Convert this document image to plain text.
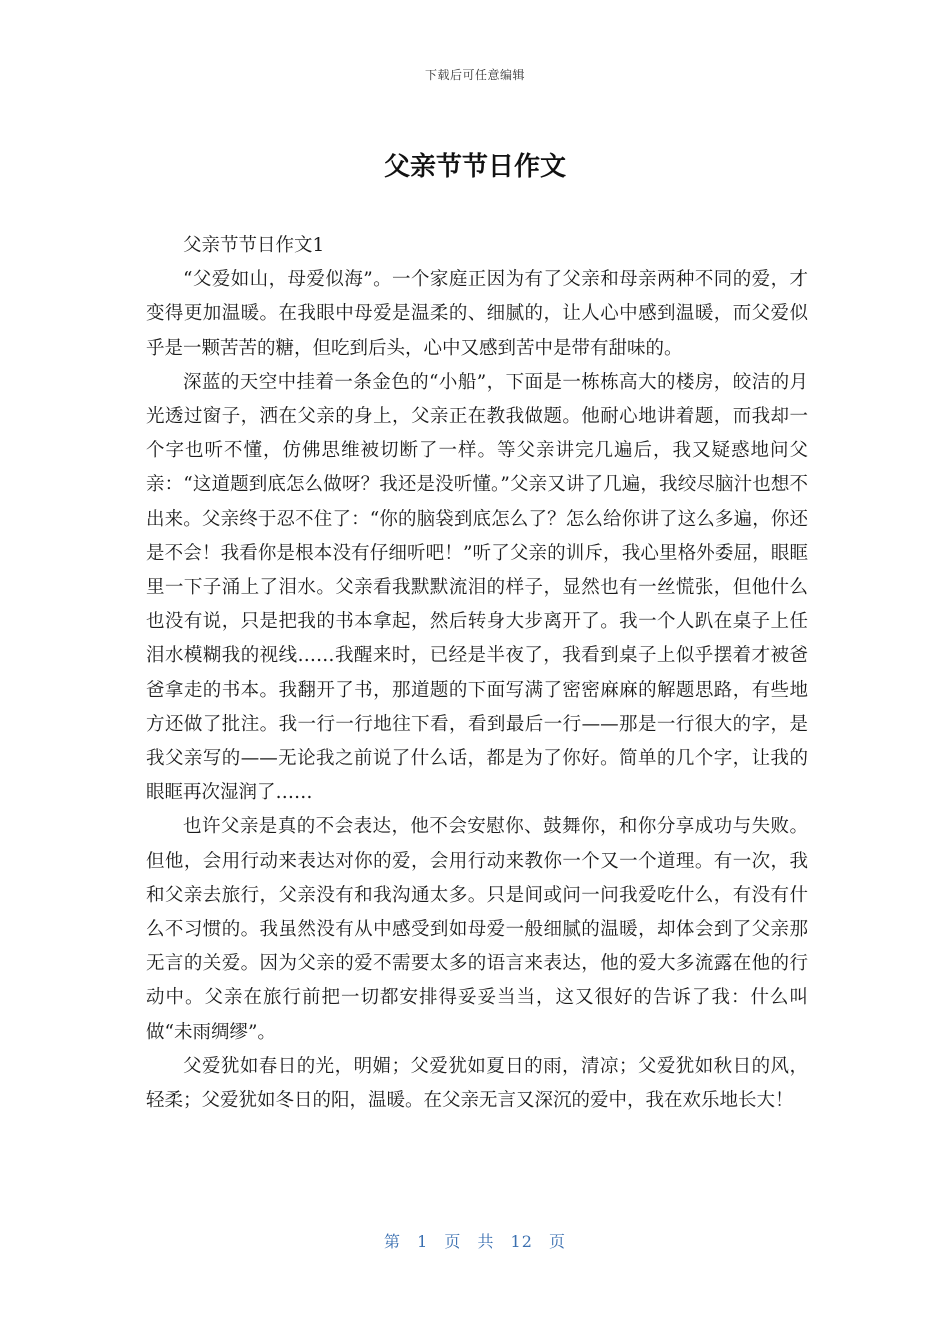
下载后可任意编辑
父亲节节日作文

父亲节节日作文1

“父爱如山，母爱似海”。一个家庭正因为有了父亲和母亲两种不同的爱，才变得更加温暖。在我眼中母爱是温柔的、细腻的，让人心中感到温暖，而父爱似乎是一颗苦苦的糖，但吃到后头，心中又感到苦中是带有甜味的。

深蓝的天空中挂着一条金色的“小船”，下面是一栋栋高大的楼房，皎洁的月光透过窗子，洒在父亲的身上，父亲正在教我做题。他耐心地讲着题，而我却一个字也听不懂，仿佛思维被切断了一样。等父亲讲完几遍后，我又疑惑地问父亲：“这道题到底怎么做呀？我还是没听懂。”父亲又讲了几遍，我绞尽脑汁也想不出来。父亲终于忍不住了：“你的脑袋到底怎么了？怎么给你讲了这么多遍，你还是不会！我看你是根本没有仔细听吧！”听了父亲的训斥，我心里格外委屈，眼眶里一下子涌上了泪水。父亲看我默默流泪的样子，显然也有一丝慌张，但他什么也没有说，只是把我的书本拿起，然后转身大步离开了。我一个人趴在桌子上任泪水模糊我的视线……我醒来时，已经是半夜了，我看到桌子上似乎摆着才被爸爸拿走的书本。我翻开了书，那道题的下面写满了密密麻麻的解题思路，有些地方还做了批注。我一行一行地往下看，看到最后一行——那是一行很大的字，是我父亲写的——无论我之前说了什么话，都是为了你好。简单的几个字，让我的眼眶再次湿润了……

也许父亲是真的不会表达，他不会安慰你、鼓舞你，和你分享成功与失败。但他，会用行动来表达对你的爱，会用行动来教你一个又一个道理。有一次，我和父亲去旅行，父亲没有和我沟通太多。只是间或问一问我爱吃什么，有没有什么不习惯的。我虽然没有从中感受到如母爱一般细腻的温暖，却体会到了父亲那无言的关爱。因为父亲的爱不需要太多的语言来表达，他的爱大多流露在他的行动中。父亲在旅行前把一切都安排得妥妥当当，这又很好的告诉了我：什么叫做“未雨绸缪”。

父爱犹如春日的光，明媚；父爱犹如夏日的雨，清凉；父爱犹如秋日的风，轻柔；父爱犹如冬日的阳，温暖。在父亲无言又深沉的爱中，我在欢乐地长大！

第 1 页 共 12 页
